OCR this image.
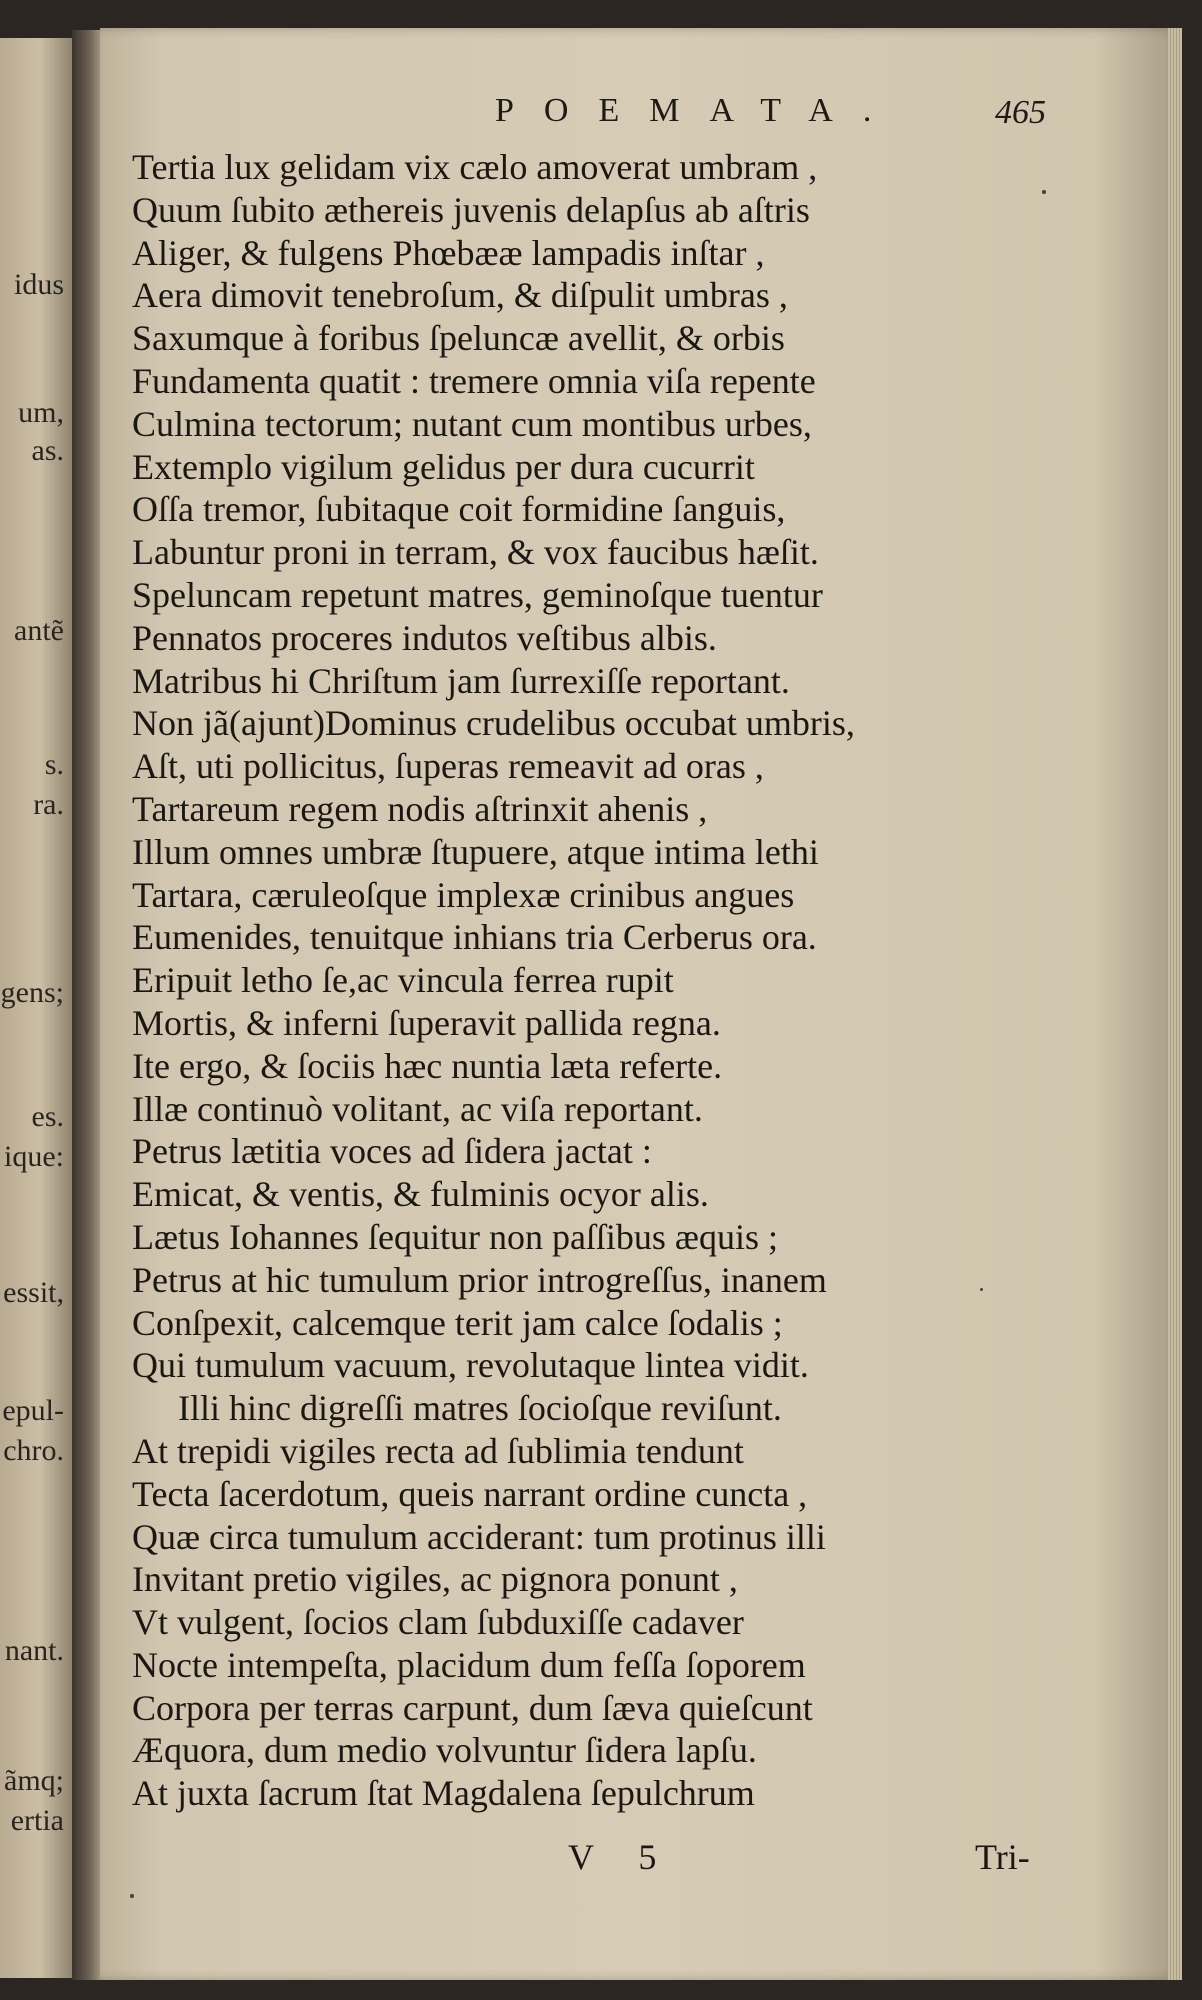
idus
um,
as.
antẽ
s.
ra.
gens;
es.
ique:
essit,
epul-
chro.
nant.
ãmq;
ertia
POEMATA.	465
Tertia lux gelidam vix cælo amoverat umbram ,
Quum ſubito æthereis juvenis delapſus ab aſtris
Aliger, & fulgens Phœbææ lampadis inſtar ,
Aera dimovit tenebroſum, & diſpulit umbras ,
Saxumque à foribus ſpeluncæ avellit, & orbis
Fundamenta quatit : tremere omnia viſa repente
Culmina tectorum; nutant cum montibus urbes,
Extemplo vigilum gelidus per dura cucurrit
Oſſa tremor, ſubitaque coit formidine ſanguis,
Labuntur proni in terram, & vox faucibus hæſit.
Speluncam repetunt matres, geminoſque tuentur
Pennatos proceres indutos veſtibus albis.
Matribus hi Chriſtum jam ſurrexiſſe reportant.
Non jã(ajunt)Dominus crudelibus occubat umbris,
Aſt, uti pollicitus, ſuperas remeavit ad oras ,
Tartareum regem nodis aſtrinxit ahenis ,
Illum omnes umbræ ſtupuere, atque intima lethi
Tartara, cæruleoſque implexæ crinibus angues
Eumenides, tenuitque inhians tria Cerberus ora.
Eripuit letho ſe,ac vincula ferrea rupit
Mortis, & inferni ſuperavit pallida regna.
Ite ergo, & ſociis hæc nuntia læta referte.
Illæ continuò volitant, ac viſa reportant.
Petrus lætitia voces ad ſidera jactat :
Emicat, & ventis, & fulminis ocyor alis.
Lætus Iohannes ſequitur non paſſibus æquis ;
Petrus at hic tumulum prior introgreſſus, inanem
Conſpexit, calcemque terit jam calce ſodalis ;
Qui tumulum vacuum, revolutaque lintea vidit.
Illi hinc digreſſi matres ſocioſque reviſunt.
At trepidi vigiles recta ad ſublimia tendunt
Tecta ſacerdotum, queis narrant ordine cuncta ,
Quæ circa tumulum acciderant: tum protinus illi
Invitant pretio vigiles, ac pignora ponunt ,
Vt vulgent, ſocios clam ſubduxiſſe cadaver
Nocte intempeſta, placidum dum feſſa ſoporem
Corpora per terras carpunt, dum ſæva quieſcunt
Æquora, dum medio volvuntur ſidera lapſu.
At juxta ſacrum ſtat Magdalena ſepulchrum
V 5	Tri-
